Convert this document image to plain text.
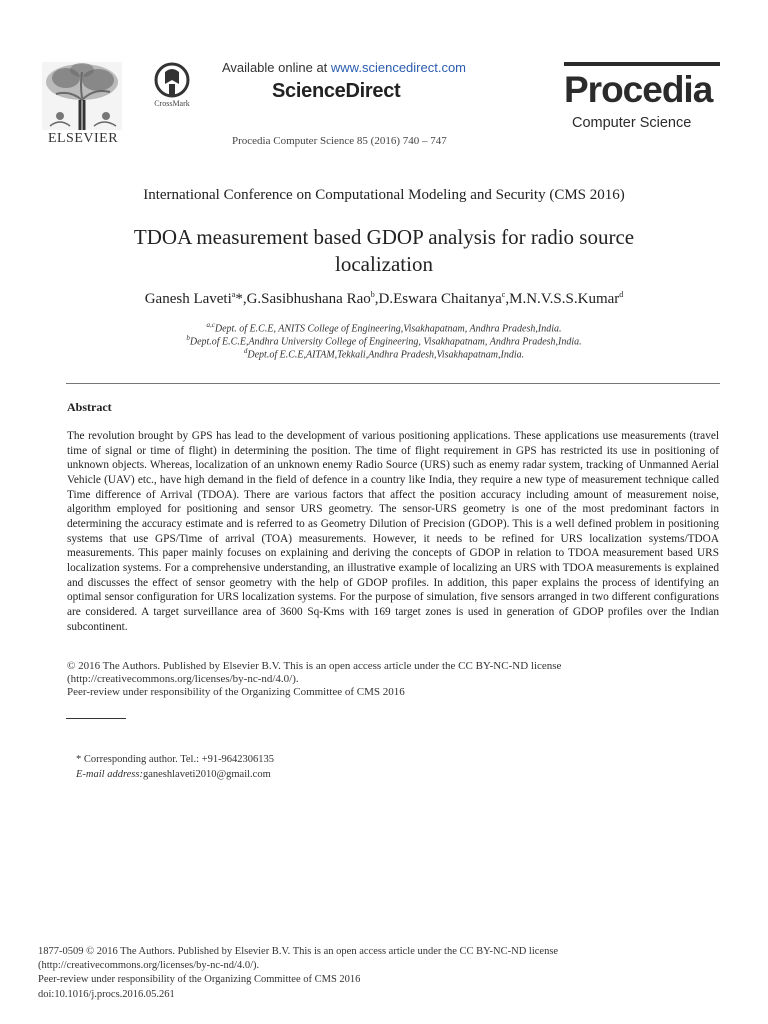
ELSEVIER
CrossMark
Available online at www.sciencedirect.com
ScienceDirect
Procedia Computer Science 85 (2016) 740 – 747
Procedia
Computer Science
International Conference on Computational Modeling and Security (CMS 2016)
TDOA measurement based GDOP analysis for radio source localization
Ganesh Laveti$^a$*,G.Sasibhushana Rao$^b$,D.Eswara Chaitanya$^c$,M.N.V.S.S.Kumar$^d$
$^{a,c}$Dept. of E.C.E, ANITS College of Engineering,Visakhapatnam, Andhra Pradesh,India.
$^b$Dept.of E.C.E,Andhra University College of Engineering, Visakhapatnam, Andhra Pradesh,India.
$^d$Dept.of E.C.E,AITAM,Tekkali,Andhra Pradesh,Visakhapatnam,India.
Abstract
The revolution brought by GPS has lead to the development of various positioning applications. These applications use measurements (travel time of signal or time of flight) in determining the position. The time of flight requirement in GPS has restricted its use in positioning of unknown objects. Whereas, localization of an unknown enemy Radio Source (URS) such as enemy radar system, tracking of Unmanned Aerial Vehicle (UAV) etc., have high demand in the field of defence in a country like India, they require a new type of measurement technique called Time difference of Arrival (TDOA). There are various factors that affect the position accuracy including amount of measurement noise, algorithm employed for positioning and sensor URS geometry. The sensor-URS geometry is one of the most predominant factors in determining the accuracy estimate and is referred to as Geometry Dilution of Precision (GDOP). This is a well defined problem in positioning systems that use GPS/Time of arrival (TOA) measurements. However, it needs to be refined for URS localization systems/TDOA measurements. This paper mainly focuses on explaining and deriving the concepts of GDOP in relation to TDOA measurement based URS localization systems. For a comprehensive understanding, an illustrative example of localizing an URS with TDOA measurements is explained and discusses the effect of sensor geometry with the help of GDOP profiles. In addition, this paper explains the process of identifying an optimal sensor configuration for URS localization systems. For the purpose of simulation, five sensors arranged in two different configurations are considered. A target surveillance area of 3600 Sq-Kms with 169 target zones is used in generation of GDOP profiles over the Indian subcontinent.
© 2016 The Authors. Published by Elsevier B.V. This is an open access article under the CC BY-NC-ND license
(http://creativecommons.org/licenses/by-nc-nd/4.0/).
Peer-review under responsibility of the Organizing Committee of CMS 2016
* Corresponding author. Tel.: +91-9642306135
E-mail address:ganeshlaveti2010@gmail.com
1877-0509 © 2016 The Authors. Published by Elsevier B.V. This is an open access article under the CC BY-NC-ND license
(http://creativecommons.org/licenses/by-nc-nd/4.0/).
Peer-review under responsibility of the Organizing Committee of CMS 2016
doi:10.1016/j.procs.2016.05.261
